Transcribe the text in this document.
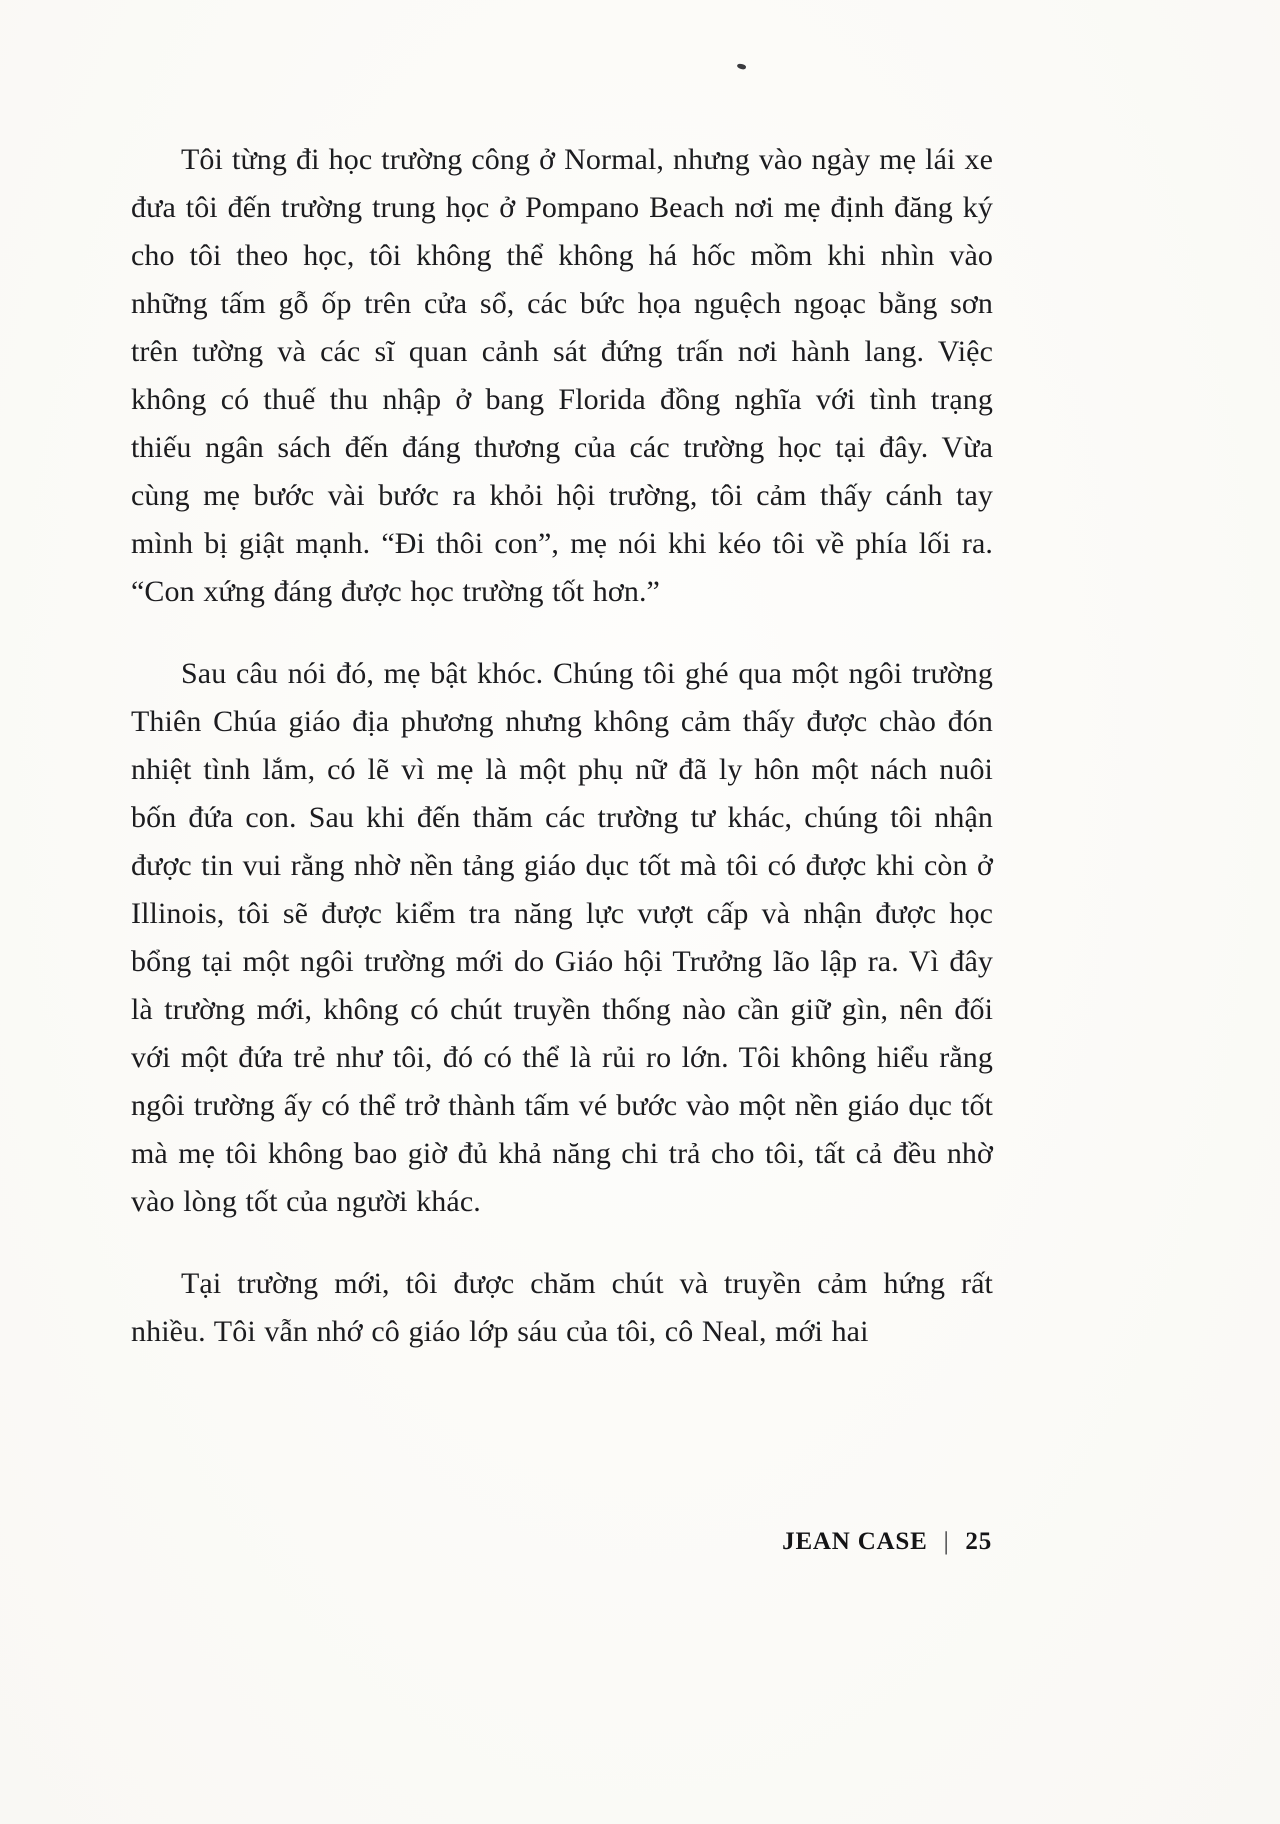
Tôi từng đi học trường công ở Normal, nhưng vào ngày mẹ lái xe đưa tôi đến trường trung học ở Pompano Beach nơi mẹ định đăng ký cho tôi theo học, tôi không thể không há hốc mồm khi nhìn vào những tấm gỗ ốp trên cửa sổ, các bức họa nguệch ngoạc bằng sơn trên tường và các sĩ quan cảnh sát đứng trấn nơi hành lang. Việc không có thuế thu nhập ở bang Florida đồng nghĩa với tình trạng thiếu ngân sách đến đáng thương của các trường học tại đây. Vừa cùng mẹ bước vài bước ra khỏi hội trường, tôi cảm thấy cánh tay mình bị giật mạnh. “Đi thôi con”, mẹ nói khi kéo tôi về phía lối ra. “Con xứng đáng được học trường tốt hơn.”

Sau câu nói đó, mẹ bật khóc. Chúng tôi ghé qua một ngôi trường Thiên Chúa giáo địa phương nhưng không cảm thấy được chào đón nhiệt tình lắm, có lẽ vì mẹ là một phụ nữ đã ly hôn một nách nuôi bốn đứa con. Sau khi đến thăm các trường tư khác, chúng tôi nhận được tin vui rằng nhờ nền tảng giáo dục tốt mà tôi có được khi còn ở Illinois, tôi sẽ được kiểm tra năng lực vượt cấp và nhận được học bổng tại một ngôi trường mới do Giáo hội Trưởng lão lập ra. Vì đây là trường mới, không có chút truyền thống nào cần giữ gìn, nên đối với một đứa trẻ như tôi, đó có thể là rủi ro lớn. Tôi không hiểu rằng ngôi trường ấy có thể trở thành tấm vé bước vào một nền giáo dục tốt mà mẹ tôi không bao giờ đủ khả năng chi trả cho tôi, tất cả đều nhờ vào lòng tốt của người khác.

Tại trường mới, tôi được chăm chút và truyền cảm hứng rất nhiều. Tôi vẫn nhớ cô giáo lớp sáu của tôi, cô Neal, mới hai

JEAN CASE | 25
